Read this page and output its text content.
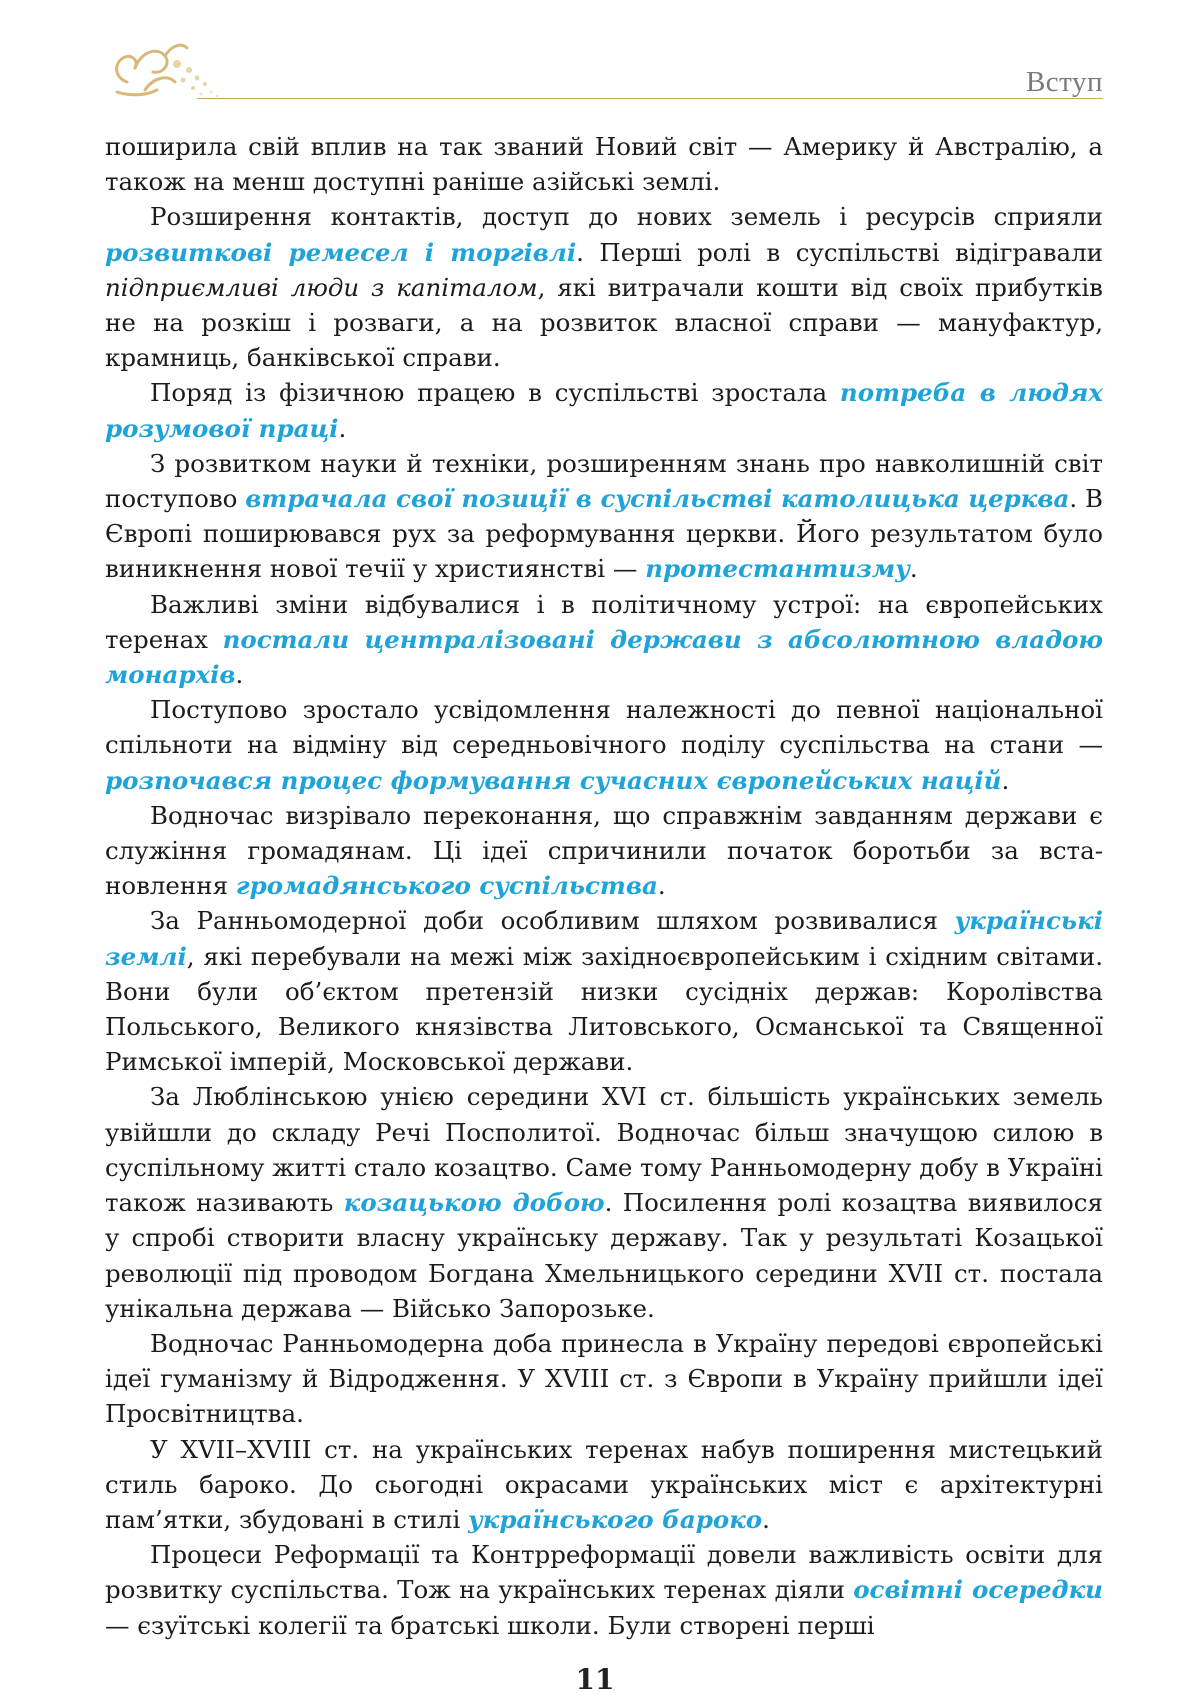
Вступ

поширила свій вплив на так званий Новий світ — Америку й Австралію, а також на менш доступні раніше азійські землі.

Розширення контактів, доступ до нових земель і ресурсів сприяли розвиткові ремесел і торгівлі. Перші ролі в суспільстві відігравали підприємливі люди з капіталом, які витрачали кошти від своїх прибутків не на розкіш і розваги, а на розвиток власної справи — мануфактур, крамниць, банківської справи.

Поряд із фізичною працею в суспільстві зростала потреба в людях розумової праці.

З розвитком науки й техніки, розширенням знань про навколишній світ поступово втрачала свої позиції в суспільстві католицька церква. В Європі поширювався рух за реформування церкви. Його результатом було виникнення нової течії у християнстві — протестантизму.

Важливі зміни відбувалися і в політичному устрої: на європейських теренах постали централізовані держави з абсолютною владою монархів.

Поступово зростало усвідомлення належності до певної національної спільноти на відміну від середньовічного поділу суспільства на стани — розпочався процес формування сучасних європейських націй.

Водночас визрівало переконання, що справжнім завданням держави є служіння громадянам. Ці ідеї спричинили початок боротьби за встановлення громадянського суспільства.

За Ранньомодерної доби особливим шляхом розвивалися українські землі, які перебували на межі між західноєвропейським і східним світами. Вони були об’єктом претензій низки сусідніх держав: Королівства Польського, Великого князівства Литовського, Османської та Священної Римської імперій, Московської держави.

За Люблінською унією середини XVI ст. більшість українських земель увійшли до складу Речі Посполитої. Водночас більш значущою силою в суспільному житті стало козацтво. Саме тому Ранньомодерну добу в Україні також називають козацькою добою. Посилення ролі козацтва виявилося у спробі створити власну українську державу. Так у результаті Козацької революції під проводом Богдана Хмельницького середини XVII ст. постала унікальна держава — Військо Запорозьке.

Водночас Ранньомодерна доба принесла в Україну передові європейські ідеї гуманізму й Відродження. У XVIII ст. з Європи в Україну прийшли ідеї Просвітництва.

У XVII–XVIII ст. на українських теренах набув поширення мистецький стиль бароко. До сьогодні окрасами українських міст є архітектурні пам’ятки, збудовані в стилі українського бароко.

Процеси Реформації та Контрреформації довели важливість освіти для розвитку суспільства. Тож на українських теренах діяли освітні осередки — єзуїтські колегії та братські школи. Були створені перші

11
